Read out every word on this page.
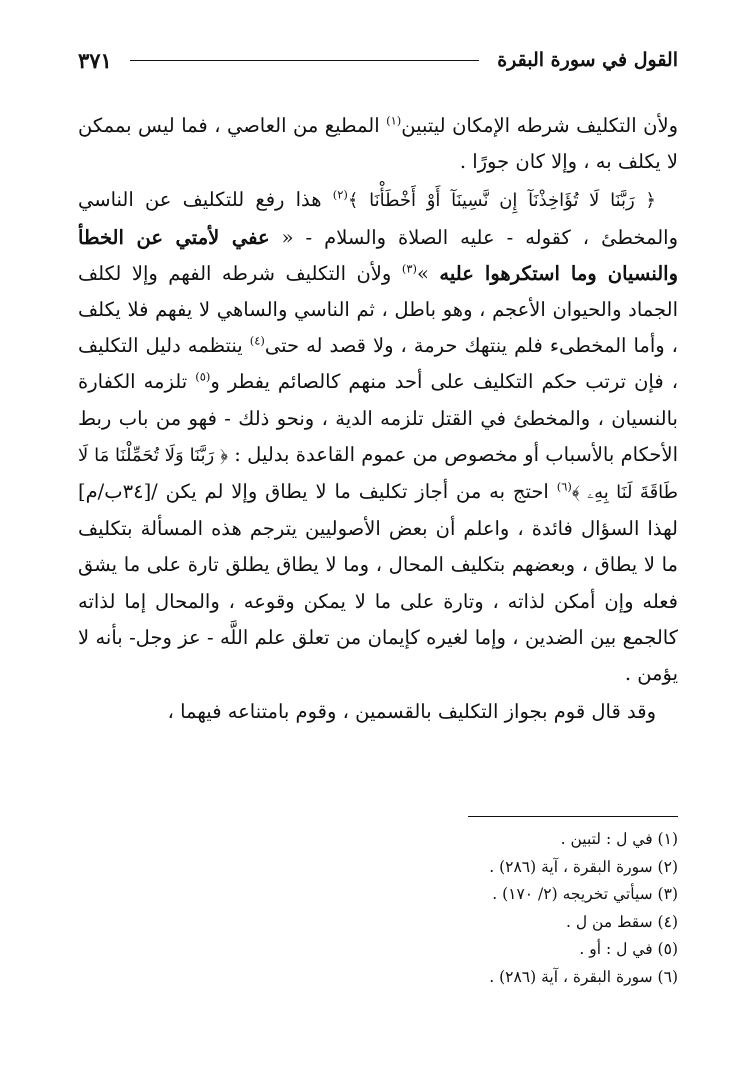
القول في سورة البقرة
٣٧١

ولأن التكليف شرطه الإمكان ليتبين$^{(١)}$ المطيع من العاصي ، فما ليس بممكن لا يكلف به ، وإلا كان جورًا .

﴿ رَبَّنَا لَا تُؤَاخِذْنَآ إِن نَّسِينَآ أَوْ أَخْطَأْنَا ﴾$^{(٢)}$ هذا رفع للتكليف عن الناسي والمخطئ ، كقوله - عليه الصلاة والسلام - « عفي لأمتي عن الخطأ والنسيان وما استكرهوا عليه »$^{(٣)}$ ولأن التكليف شرطه الفهم وإلا لكلف الجماد والحيوان الأعجم ، وهو باطل ، ثم الناسي والساهي لا يفهم فلا يكلف ، وأما المخطىء فلم ينتهك حرمة ، ولا قصد له حتى$^{(٤)}$ ينتظمه دليل التكليف ، فإن ترتب حكم التكليف على أحد منهم كالصائم يفطر و$^{(٥)}$ تلزمه الكفارة بالنسيان ، والمخطئ في القتل تلزمه الدية ، ونحو ذلك - فهو من باب ربط الأحكام بالأسباب أو مخصوص من عموم القاعدة بدليل : ﴿ رَبَّنَا وَلَا تُحَمِّلْنَا مَا لَا طَاقَةَ لَنَا بِهِۦ ﴾$^{(٦)}$ احتج به من أجاز تكليف ما لا يطاق وإلا لم يكن /[٣٤ب/م] لهذا السؤال فائدة ، واعلم أن بعض الأصوليين يترجم هذه المسألة بتكليف ما لا يطاق ، وبعضهم بتكليف المحال ، وما لا يطاق يطلق تارة على ما يشق فعله وإن أمكن لذاته ، وتارة على ما لا يمكن وقوعه ، والمحال إما لذاته كالجمع بين الضدين ، وإما لغيره كإيمان من تعلق علم اللَّه - عز وجل- بأنه لا يؤمن .

وقد قال قوم بجواز التكليف بالقسمين ، وقوم بامتناعه فيهما ،

(١) في ل : لتبين .

(٢) سورة البقرة ، آية (٢٨٦) .

(٣) سيأتي تخريجه (٢/ ١٧٠) .

(٤) سقط من ل .

(٥) في ل : أو .

(٦) سورة البقرة ، آية (٢٨٦) .
